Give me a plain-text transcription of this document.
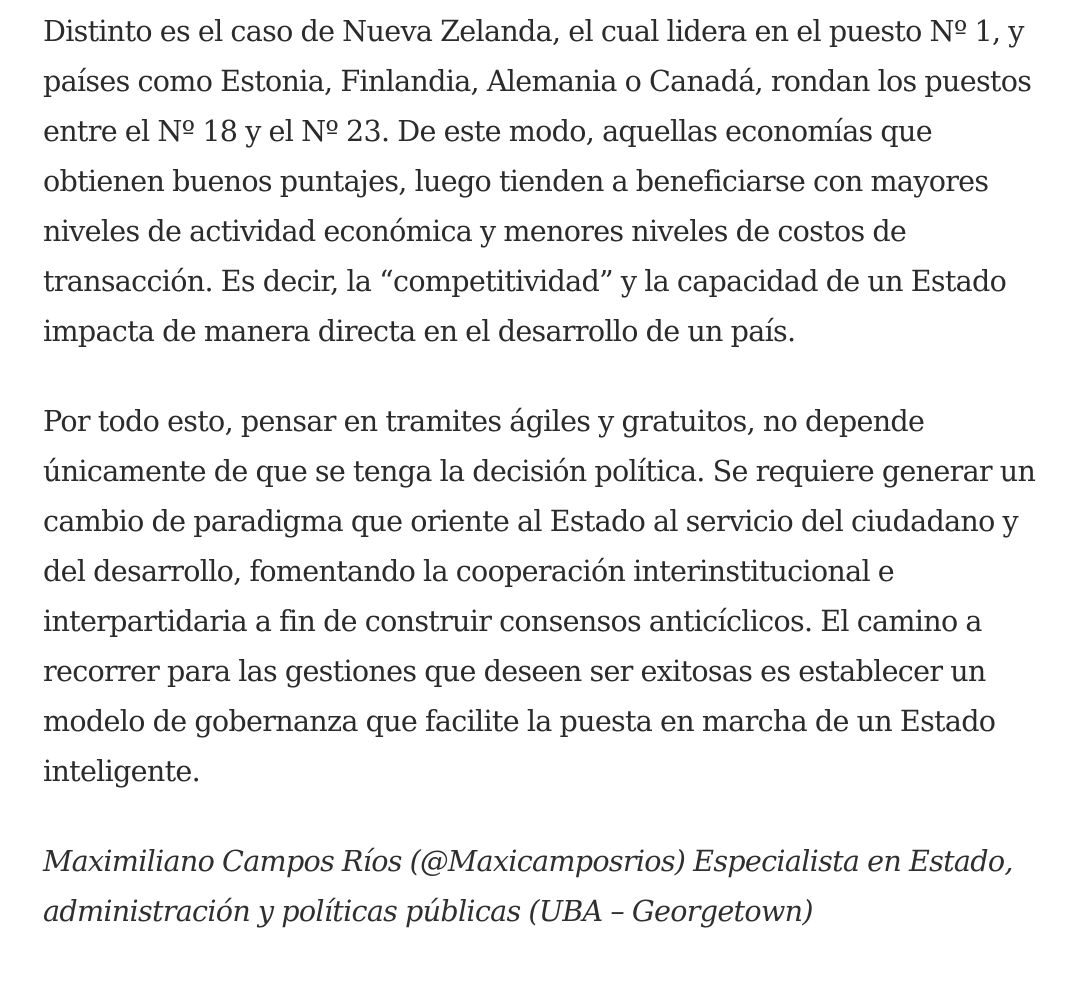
Distinto es el caso de Nueva Zelanda, el cual lidera en el puesto Nº 1, y países como Estonia, Finlandia, Alemania o Canadá, rondan los puestos entre el Nº 18 y el Nº 23. De este modo, aquellas economías que obtienen buenos puntajes, luego tienden a beneficiarse con mayores niveles de actividad económica y menores niveles de costos de transacción. Es decir, la “competitividad” y la capacidad de un Estado impacta de manera directa en el desarrollo de un país.

Por todo esto, pensar en tramites ágiles y gratuitos, no depende únicamente de que se tenga la decisión política. Se requiere generar un cambio de paradigma que oriente al Estado al servicio del ciudadano y del desarrollo, fomentando la cooperación interinstitucional e interpartidaria a fin de construir consensos anticíclicos. El camino a recorrer para las gestiones que deseen ser exitosas es establecer un modelo de gobernanza que facilite la puesta en marcha de un Estado inteligente.

Maximiliano Campos Ríos (@Maxicamposrios) Especialista en Estado, administración y políticas públicas (UBA – Georgetown)
